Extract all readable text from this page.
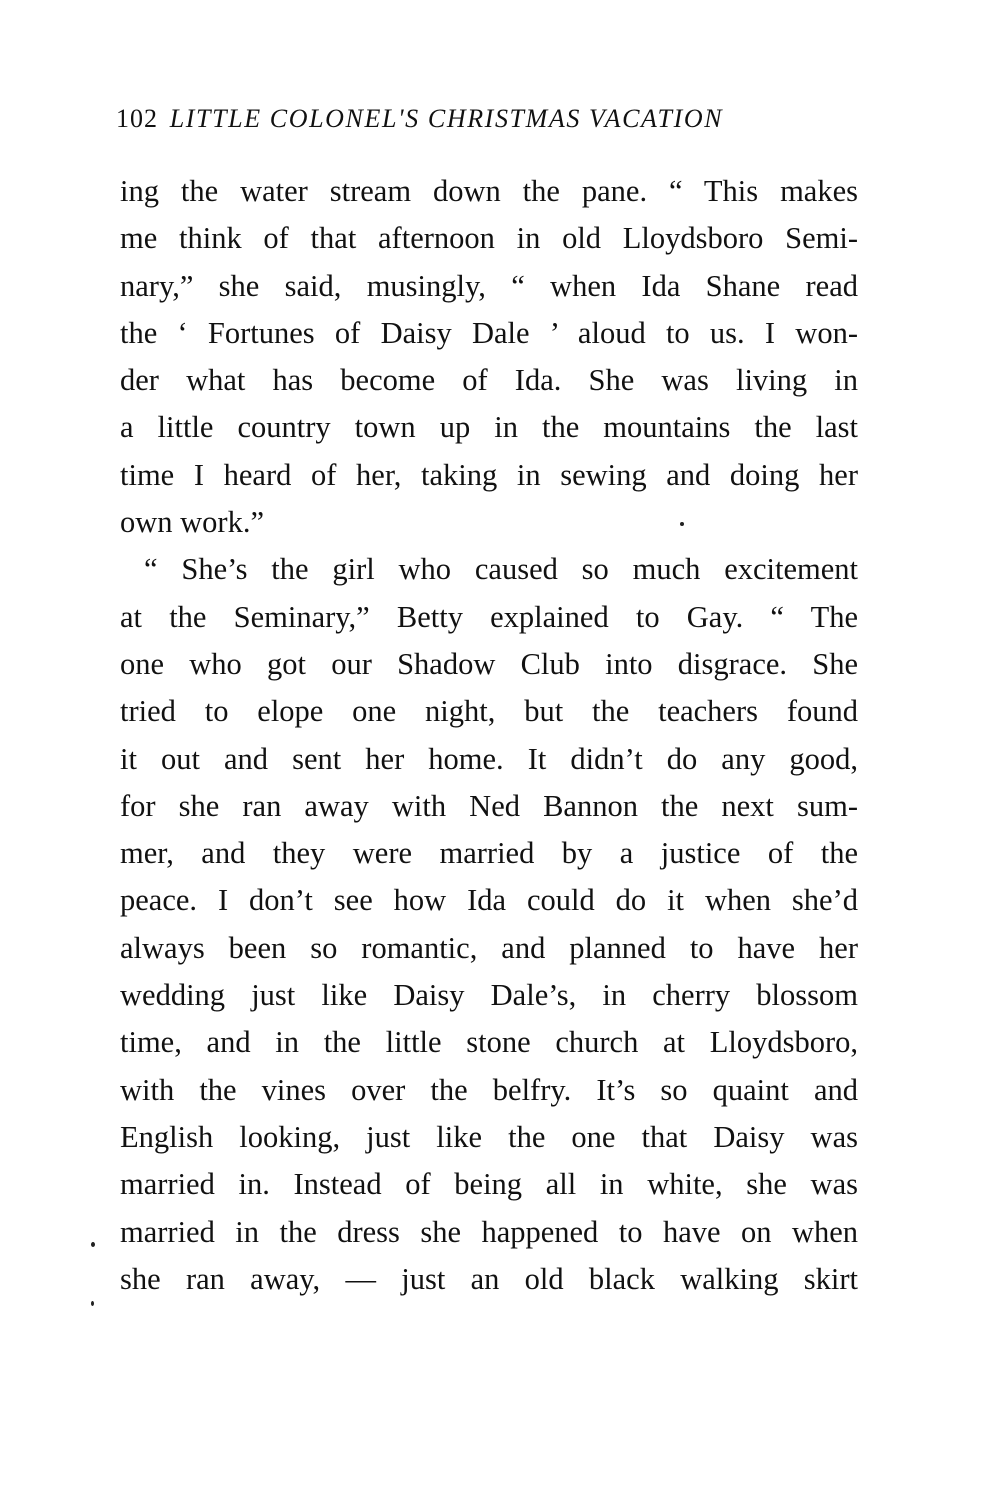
102 LITTLE COLONEL'S CHRISTMAS VACATION
ing the water stream down the pane. “ This makes
me think of that afternoon in old Lloydsboro Semi-
nary,” she said, musingly, “ when Ida Shane read
the ‘ Fortunes of Daisy Dale ’ aloud to us. I won-
der what has become of Ida. She was living in
a little country town up in the mountains the last
time I heard of her, taking in sewing and doing her
own work.”
“ She’s the girl who caused so much excitement
at the Seminary,” Betty explained to Gay. “ The
one who got our Shadow Club into disgrace. She
tried to elope one night, but the teachers found
it out and sent her home. It didn’t do any good,
for she ran away with Ned Bannon the next sum-
mer, and they were married by a justice of the
peace. I don’t see how Ida could do it when she’d
always been so romantic, and planned to have her
wedding just like Daisy Dale’s, in cherry blossom
time, and in the little stone church at Lloydsboro,
with the vines over the belfry. It’s so quaint and
English looking, just like the one that Daisy was
married in. Instead of being all in white, she was
married in the dress she happened to have on when
she ran away, — just an old black walking skirt
